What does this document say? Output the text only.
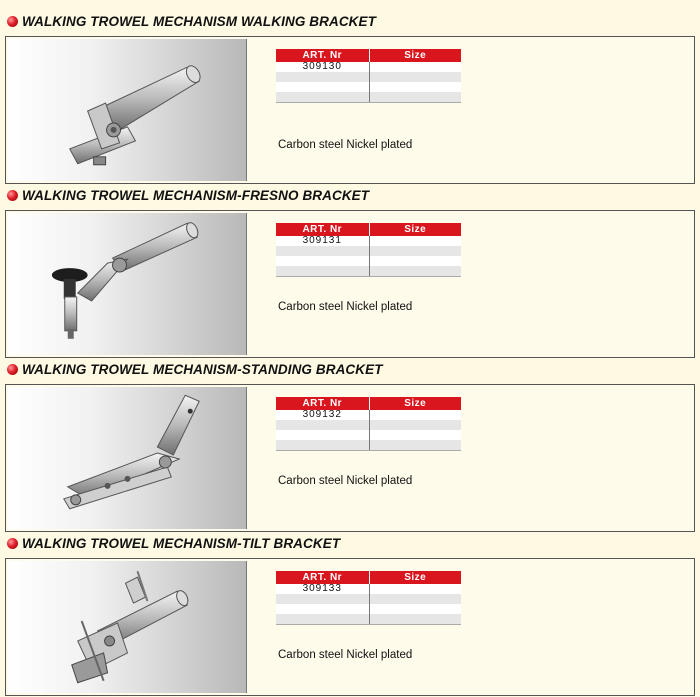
WALKING TROWEL MECHANISM WALKING BRACKET
ART. Nr	Size
309130	

Carbon steel Nickel plated
WALKING TROWEL MECHANISM-FRESNO BRACKET
ART. Nr	Size
309131	

Carbon steel Nickel plated
WALKING TROWEL MECHANISM-STANDING BRACKET
ART. Nr	Size
309132	

Carbon steel Nickel plated
WALKING TROWEL MECHANISM-TILT BRACKET
ART. Nr	Size
309133	

Carbon steel Nickel plated
